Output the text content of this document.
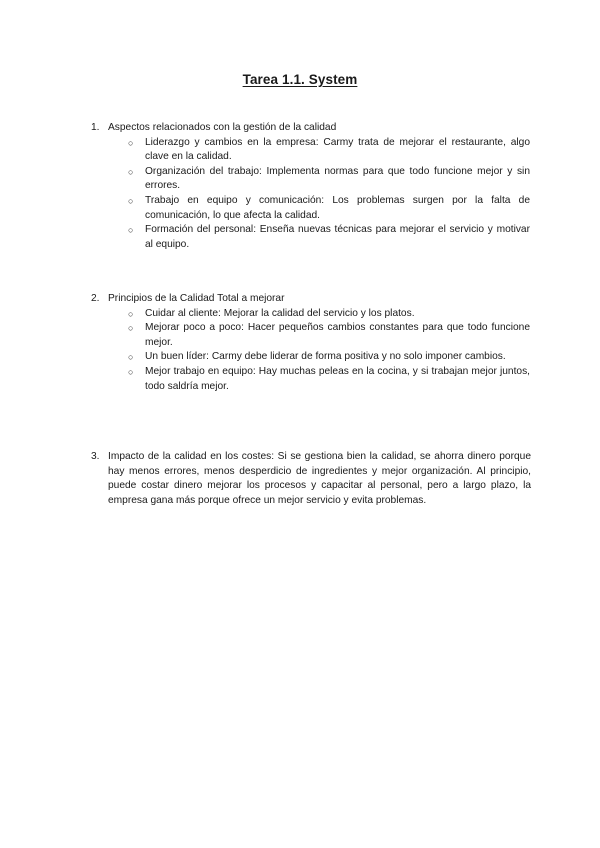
Tarea 1.1. System
1. Aspectos relacionados con la gestión de la calidad
○	Liderazgo y cambios en la empresa: Carmy trata de mejorar el restaurante, algo clave en la calidad.
○	Organización del trabajo: Implementa normas para que todo funcione mejor y sin errores.
○	Trabajo en equipo y comunicación: Los problemas surgen por la falta de comunicación, lo que afecta la calidad.
○	Formación del personal: Enseña nuevas técnicas para mejorar el servicio y motivar al equipo.
2. Principios de la Calidad Total a mejorar
○	Cuidar al cliente: Mejorar la calidad del servicio y los platos.
○	Mejorar poco a poco: Hacer pequeños cambios constantes para que todo funcione mejor.
○	Un buen líder: Carmy debe liderar de forma positiva y no solo imponer cambios.
○	Mejor trabajo en equipo: Hay muchas peleas en la cocina, y si trabajan mejor juntos, todo saldría mejor.
3. Impacto de la calidad en los costes: Si se gestiona bien la calidad, se ahorra dinero porque hay menos errores, menos desperdicio de ingredientes y mejor organización. Al principio, puede costar dinero mejorar los procesos y capacitar al personal, pero a largo plazo, la empresa gana más porque ofrece un mejor servicio y evita problemas.
